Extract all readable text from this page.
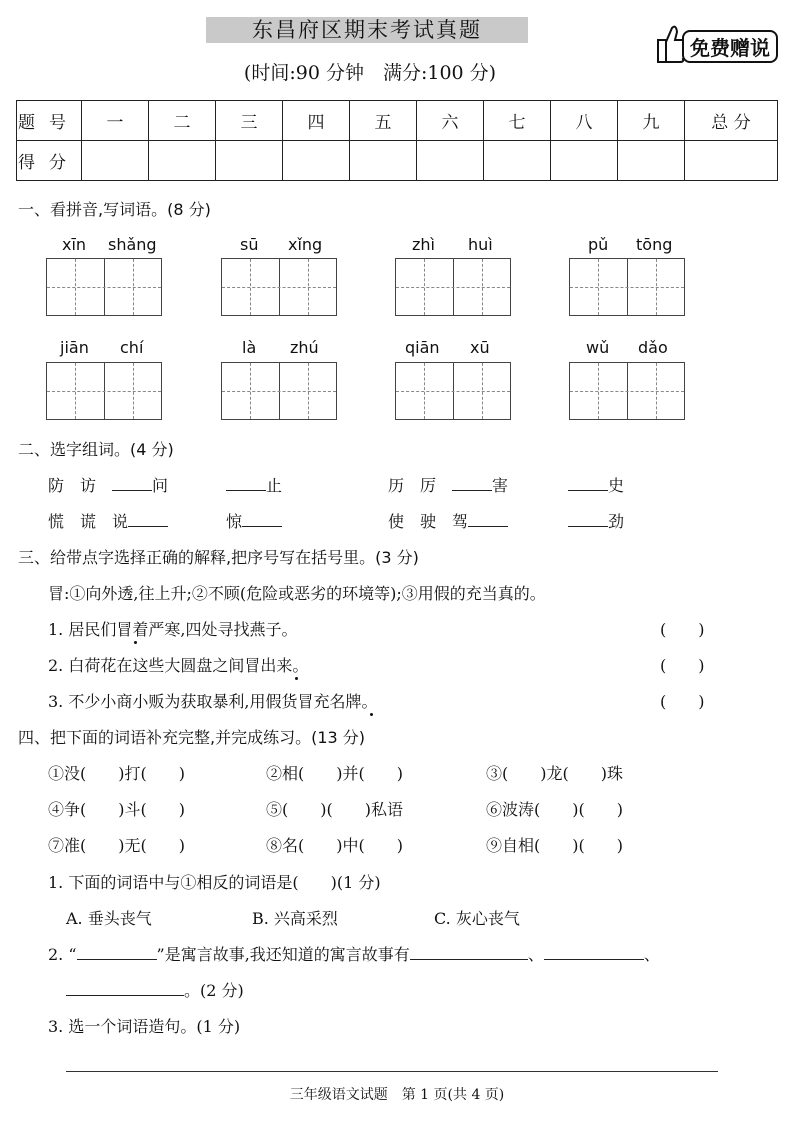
东昌府区期末考试真题
(时间:90 分钟　满分:100 分)
免费赠说
题号	一	二	三	四	五	六	七	八	九	总 分
得分										
一、看拼音,写词语。(8 分)
xīn shǎng	sū xǐng	zhì huì	pǔ tōng
jiān chí	là zhú	qiān xū	wǔ dǎo
二、选字组词。(4 分)
防　访　	问	止	历　厉　	害	史
慌　谎　说	惊	使　驶　驾	劲
三、给带点字选择正确的解释,把序号写在括号里。(3 分)
冒:①向外透,往上升;②不顾(危险或恶劣的环境等);③用假的充当真的。
1. 居民们冒着严寒,四处寻找燕子。	(　　)
2. 白荷花在这些大圆盘之间冒出来。	(　　)
3. 不少小商小贩为获取暴利,用假货冒充名牌。	(　　)
四、把下面的词语补充完整,并完成练习。(13 分)
①没(　　)打(　　)	②相(　　)并(　　)	③(　　)龙(　　)珠
④争(　　)斗(　　)	⑤(　　)(　　)私语	⑥波涛(　　)(　　)
⑦准(　　)无(　　)	⑧名(　　)中(　　)	⑨自相(　　)(　　)
1. 下面的词语中与①相反的词语是(　　)(1 分)
A. 垂头丧气	B. 兴高采烈	C. 灰心丧气
2. “	”是寓言故事,我还知道的寓言故事有	、	、
。(2 分)
3. 选一个词语造句。(1 分)
三年级语文试题　第 1 页(共 4 页)
